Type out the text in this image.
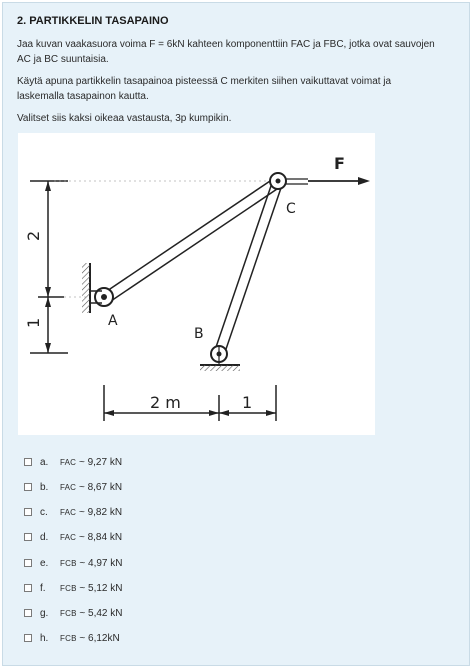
2. PARTIKKELIN TASAPAINO
Jaa kuvan vaakasuora voima F = 6kN kahteen komponenttiin FAC ja FBC, jotka ovat sauvojen
AC ja BC suuntaisia.
Käytä apuna partikkelin tasapainoa pisteessä C merkiten siihen vaikuttavat voimat ja
laskemalla tasapainon kautta.
Valitset siis kaksi oikeaa vastausta, 3p kumpikin.
2
1
F
C
A
B
2 m	1
a.	FAC ~ 9,27 kN
b.	FAC ~ 8,67 kN
c.	FAC ~ 9,82 kN
d.	FAC ~ 8,84 kN
e.	FCB ~ 4,97 kN
f.	FCB ~ 5,12 kN
g.	FCB ~ 5,42 kN
h.	FCB ~ 6,12kN
